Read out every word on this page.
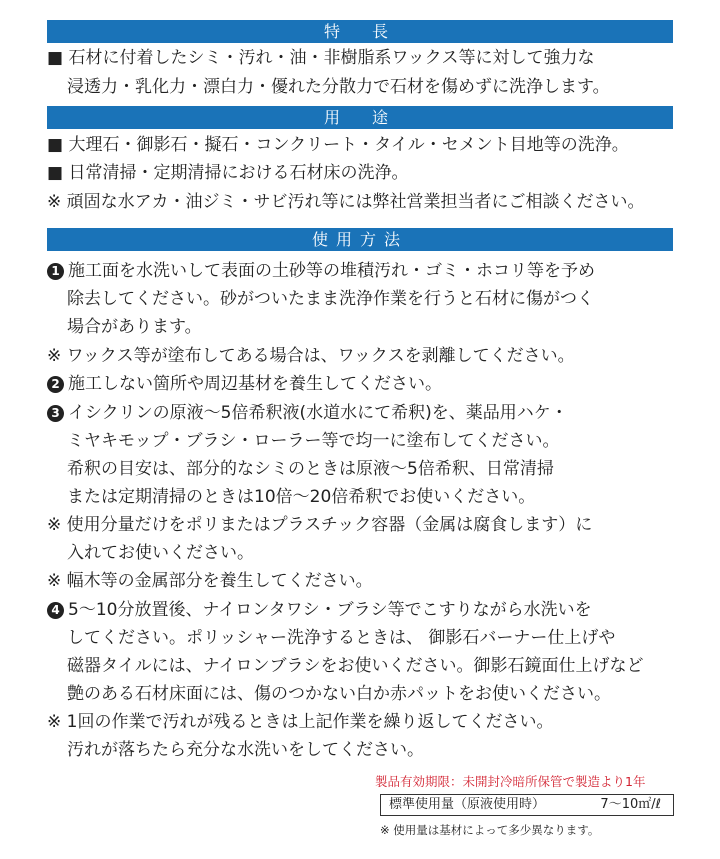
特　長
■ 石材に付着したシミ・汚れ・油・非樹脂系ワックス等に対して強力な
浸透力・乳化力・漂白力・優れた分散力で石材を傷めずに洗浄します。
用　途
■ 大理石・御影石・擬石・コンクリート・タイル・セメント目地等の洗浄。
■ 日常清掃・定期清掃における石材床の洗浄。
※ 頑固な水アカ・油ジミ・サビ汚れ等には弊社営業担当者にご相談ください。
使用方法
1 施工面を水洗いして表面の土砂等の堆積汚れ・ゴミ・ホコリ等を予め
除去してください。砂がついたまま洗浄作業を行うと石材に傷がつく
場合があります。
※ ワックス等が塗布してある場合は、ワックスを剥離してください。
2 施工しない箇所や周辺基材を養生してください。
3 イシクリンの原液〜5倍希釈液(水道水にて希釈)を、薬品用ハケ・
ミヤキモップ・ブラシ・ローラー等で均一に塗布してください。
希釈の目安は、部分的なシミのときは原液〜5倍希釈、日常清掃
または定期清掃のときは10倍〜20倍希釈でお使いください。
※ 使用分量だけをポリまたはプラスチック容器（金属は腐食します）に
入れてお使いください。
※ 幅木等の金属部分を養生してください。
4 5〜10分放置後、ナイロンタワシ・ブラシ等でこすりながら水洗いを
してください。ポリッシャー洗浄するときは、 御影石バーナー仕上げや
磁器タイルには、ナイロンブラシをお使いください。御影石鏡面仕上げなど
艶のある石材床面には、傷のつかない白か赤パットをお使いください。
※ 1回の作業で汚れが残るときは上記作業を繰り返してください。
汚れが落ちたら充分な水洗いをしてください。
製品有効期限：未開封冷暗所保管で製造より1年
標準使用量（原液使用時）	7〜10㎡/ℓ
※ 使用量は基材によって多少異なります。
